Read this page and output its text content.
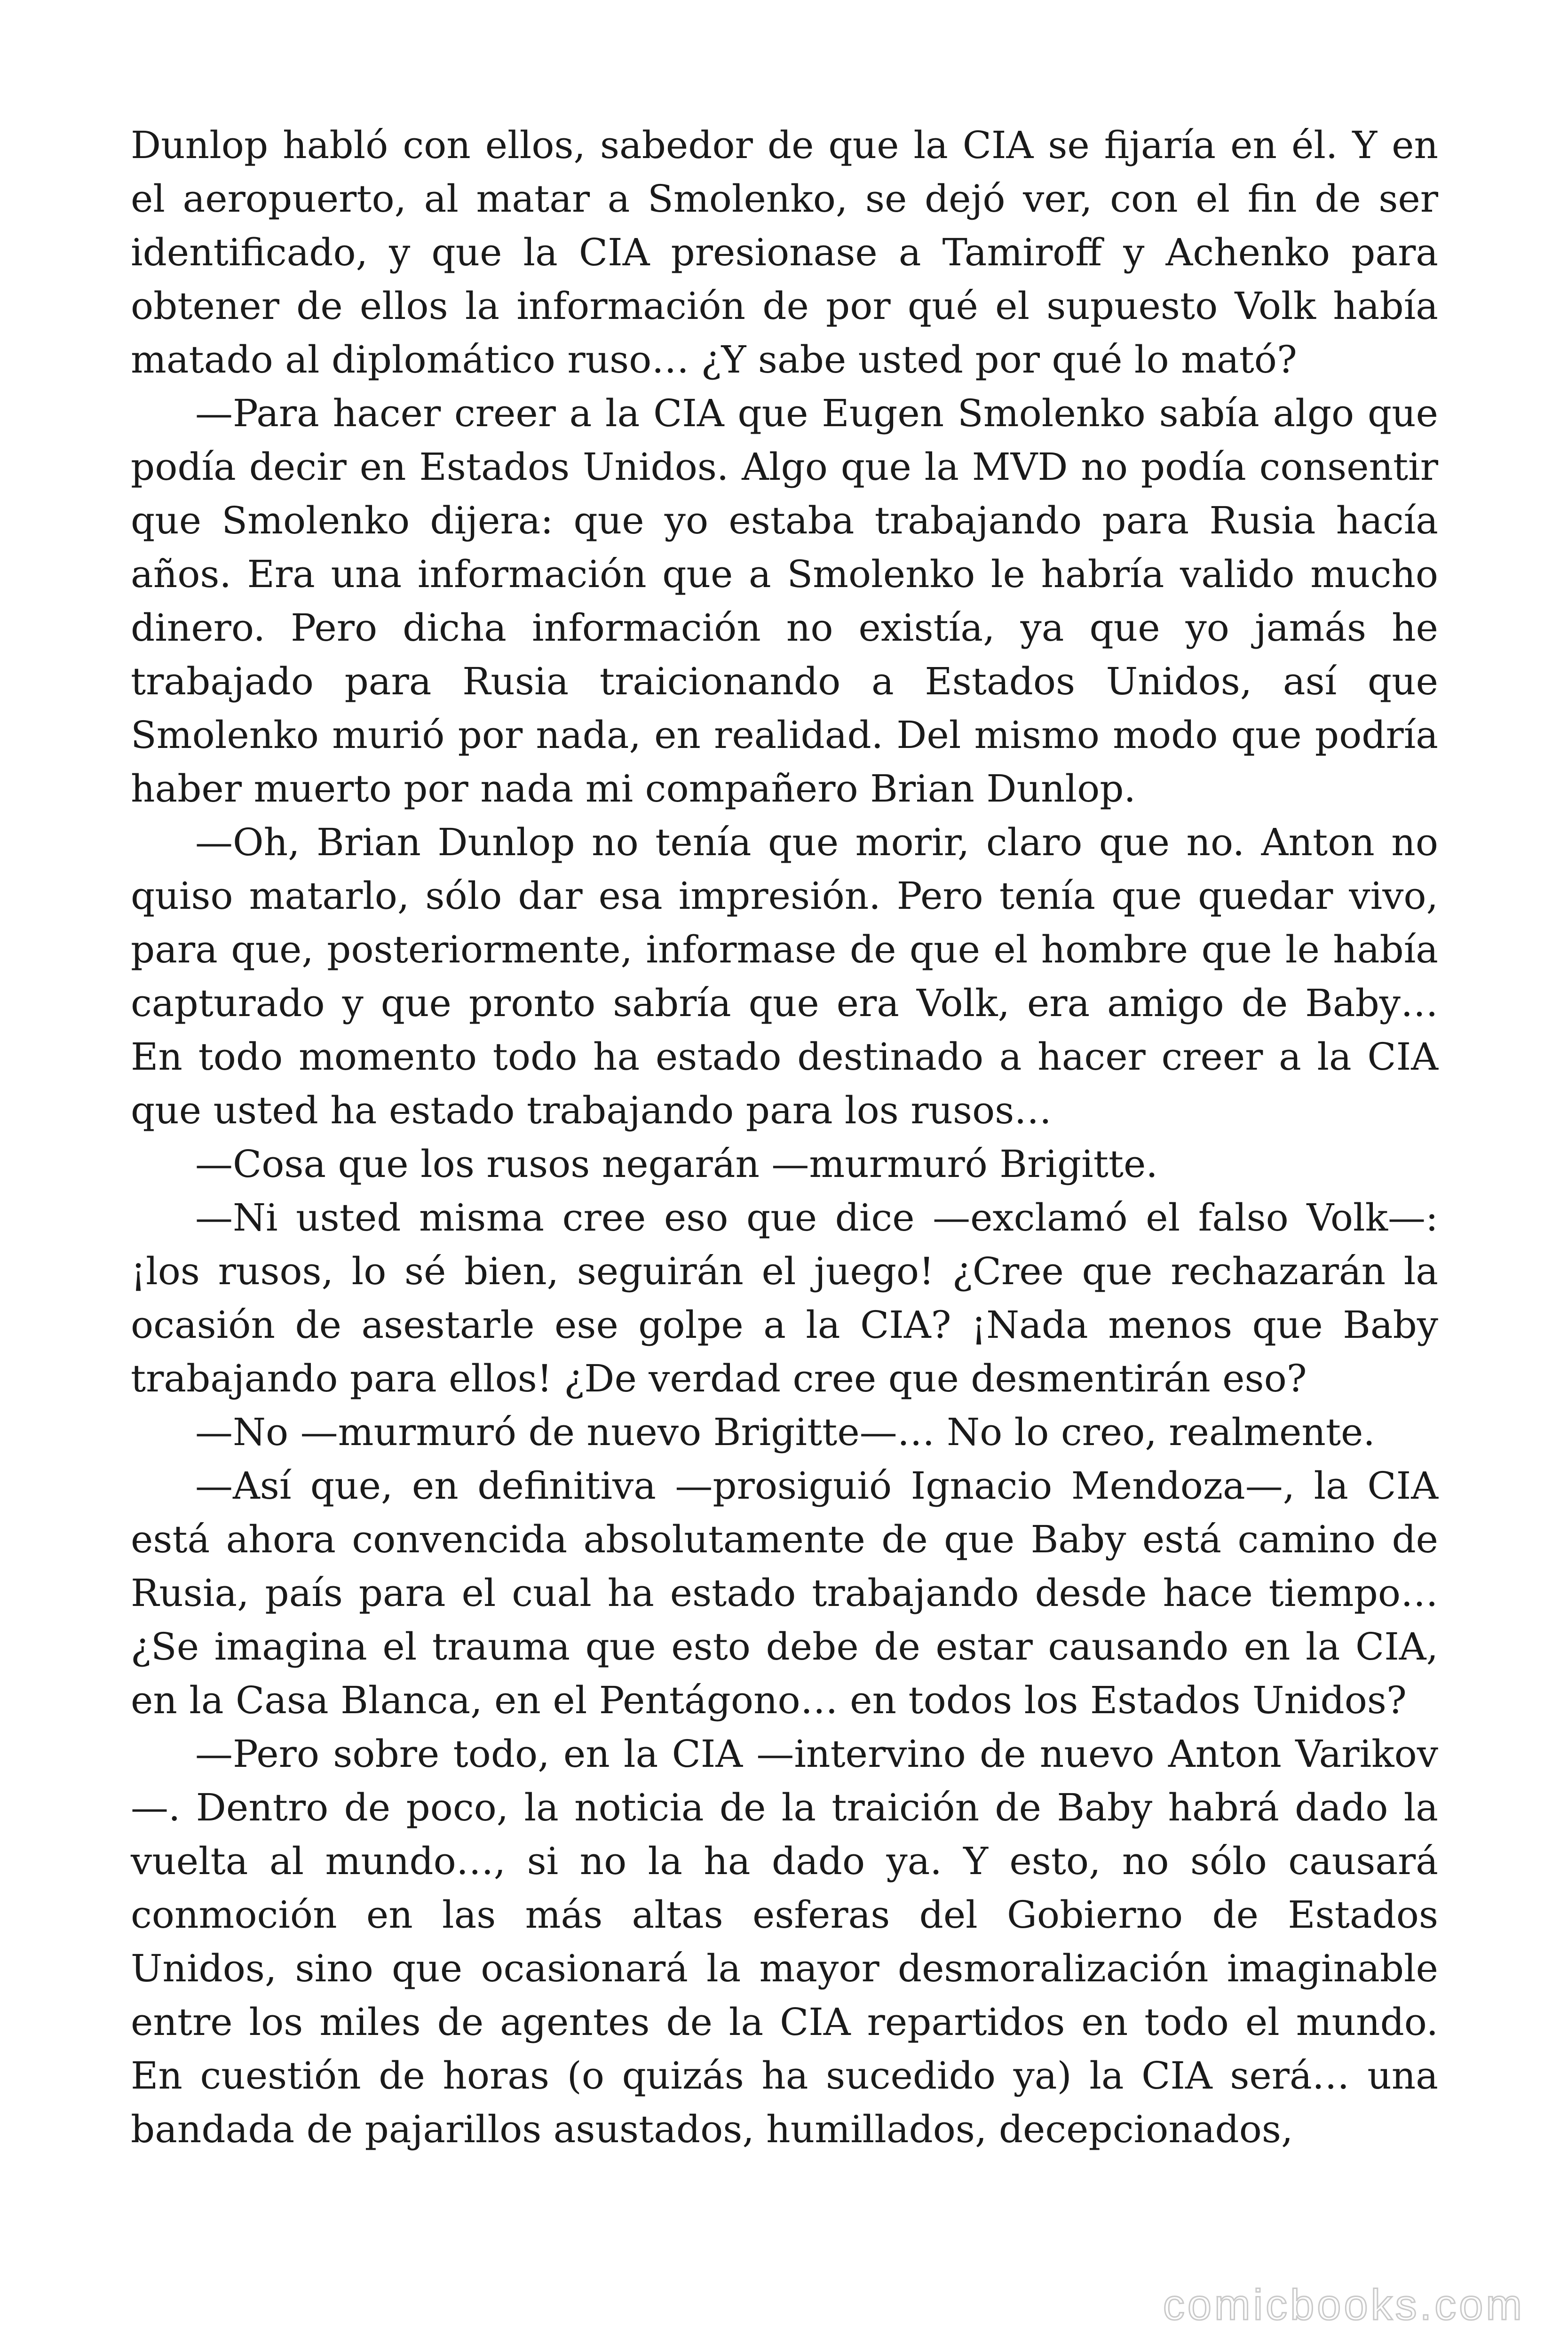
Dunlop habló con ellos, sabedor de que la CIA se fijaría en él. Y en el aeropuerto, al matar a Smolenko, se dejó ver, con el fin de ser identificado, y que la CIA presionase a Tamiroff y Achenko para obtener de ellos la información de por qué el supuesto Volk había matado al diplomático ruso… ¿Y sabe usted por qué lo mató?

—Para hacer creer a la CIA que Eugen Smolenko sabía algo que podía decir en Estados Unidos. Algo que la MVD no podía consentir que Smolenko dijera: que yo estaba trabajando para Rusia hacía años. Era una información que a Smolenko le habría valido mucho dinero. Pero dicha información no existía, ya que yo jamás he trabajado para Rusia traicionando a Estados Unidos, así que Smolenko murió por nada, en realidad. Del mismo modo que podría haber muerto por nada mi compañero Brian Dunlop.

—Oh, Brian Dunlop no tenía que morir, claro que no. Anton no quiso matarlo, sólo dar esa impresión. Pero tenía que quedar vivo, para que, posteriormente, informase de que el hombre que le había capturado y que pronto sabría que era Volk, era amigo de Baby… En todo momento todo ha estado destinado a hacer creer a la CIA que usted ha estado trabajando para los rusos…

—Cosa que los rusos negarán —murmuró Brigitte.

—Ni usted misma cree eso que dice —exclamó el falso Volk—: ¡los rusos, lo sé bien, seguirán el juego! ¿Cree que rechazarán la ocasión de asestarle ese golpe a la CIA? ¡Nada menos que Baby trabajando para ellos! ¿De verdad cree que desmentirán eso?

—No —murmuró de nuevo Brigitte—… No lo creo, realmente.

—Así que, en definitiva —prosiguió Ignacio Mendoza—, la CIA está ahora convencida absolutamente de que Baby está camino de Rusia, país para el cual ha estado trabajando desde hace tiempo… ¿Se imagina el trauma que esto debe de estar causando en la CIA, en la Casa Blanca, en el Pentágono… en todos los Estados Unidos?

—Pero sobre todo, en la CIA —intervino de nuevo Anton Varikov—. Dentro de poco, la noticia de la traición de Baby habrá dado la vuelta al mundo…, si no la ha dado ya. Y esto, no sólo causará conmoción en las más altas esferas del Gobierno de Estados Unidos, sino que ocasionará la mayor desmoralización imaginable entre los miles de agentes de la CIA repartidos en todo el mundo. En cuestión de horas (o quizás ha sucedido ya) la CIA será… una bandada de pajarillos asustados, humillados, decepcionados,

comicbooks.com
